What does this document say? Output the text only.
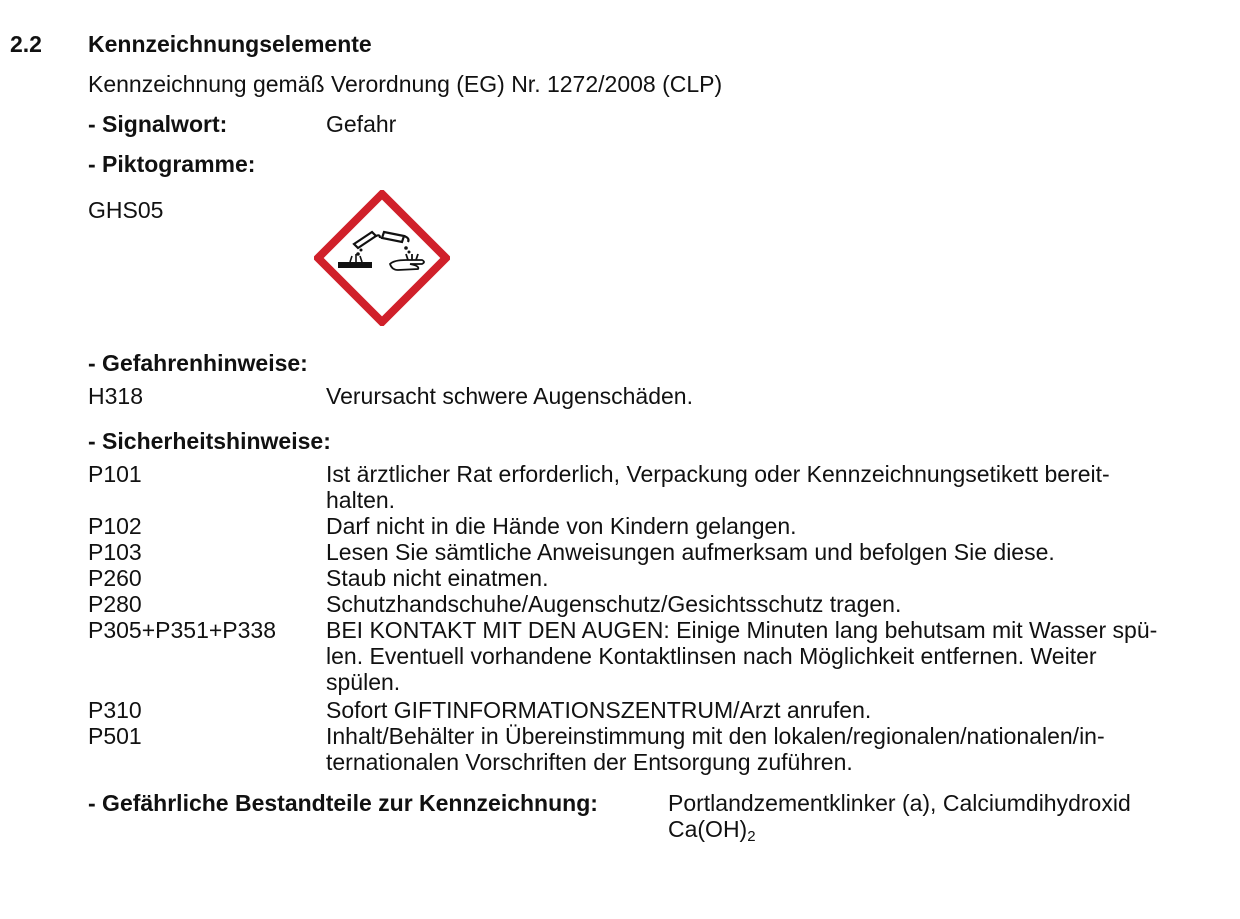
2.2 Kennzeichnungselemente
Kennzeichnung gemäß Verordnung (EG) Nr. 1272/2008 (CLP)
- Signalwort:	Gefahr
- Piktogramme:
GHS05
- Gefahrenhinweise:
H318	Verursacht schwere Augenschäden.
- Sicherheitshinweise:
P101	Ist ärztlicher Rat erforderlich, Verpackung oder Kennzeichnungsetikett bereit-
halten.
P102	Darf nicht in die Hände von Kindern gelangen.
P103	Lesen Sie sämtliche Anweisungen aufmerksam und befolgen Sie diese.
P260	Staub nicht einatmen.
P280	Schutzhandschuhe/Augenschutz/Gesichtsschutz tragen.
P305+P351+P338 BEI KONTAKT MIT DEN AUGEN: Einige Minuten lang behutsam mit Wasser spü-
len. Eventuell vorhandene Kontaktlinsen nach Möglichkeit entfernen. Weiter
spülen.
P310	Sofort GIFTINFORMATIONSZENTRUM/Arzt anrufen.
P501	Inhalt/Behälter in Übereinstimmung mit den lokalen/regionalen/nationalen/in-
ternationalen Vorschriften der Entsorgung zuführen.
- Gefährliche Bestandteile zur Kennzeichnung:	Portlandzementklinker (a), Calciumdihydroxid
$Ca(OH)_2$
